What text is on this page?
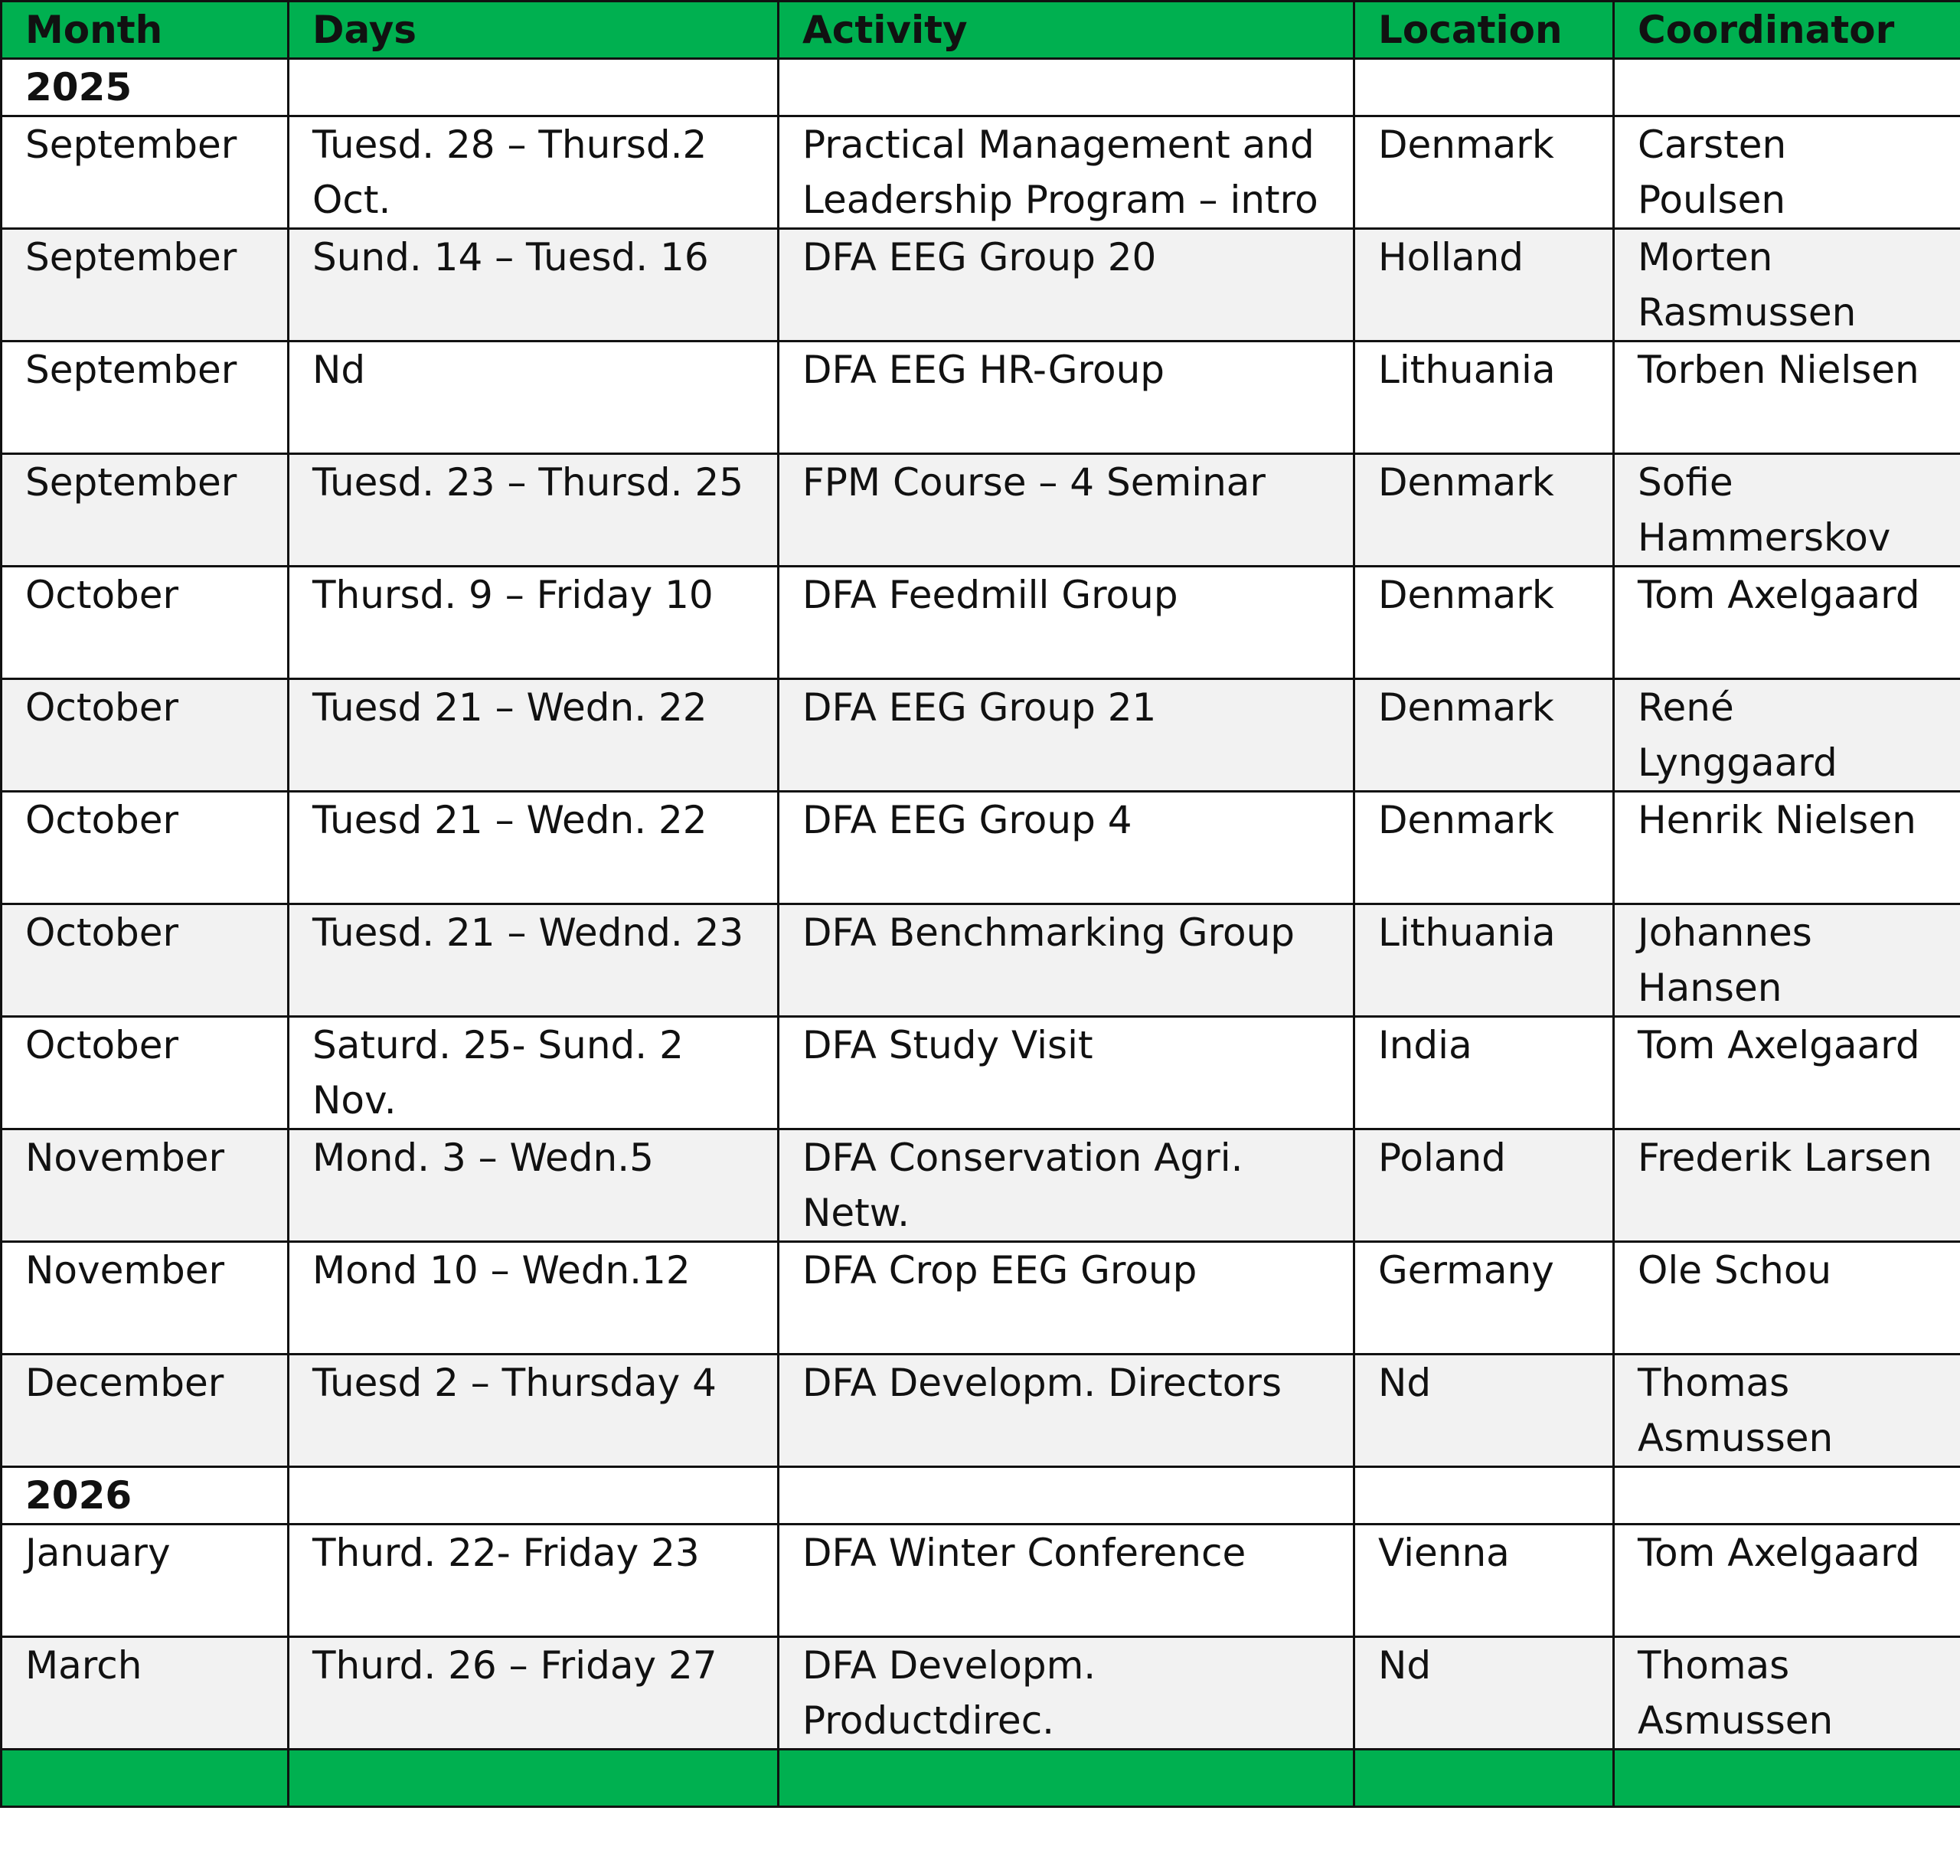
Month	Days	Activity	Location	Coordinator
2025				
September	Tuesd. 28 – Thursd.2 Oct.	Practical Management and Leadership Program – intro	Denmark	Carsten Poulsen
September	Sund. 14 – Tuesd. 16	DFA EEG Group 20	Holland	Morten Rasmussen
September	Nd	DFA EEG HR-Group	Lithuania	Torben Nielsen
September	Tuesd. 23 – Thursd. 25	FPM Course – 4 Seminar	Denmark	Sofie Hammerskov
October	Thursd. 9 – Friday 10	DFA Feedmill Group	Denmark	Tom Axelgaard
October	Tuesd 21 – Wedn. 22	DFA EEG Group 21	Denmark	René Lynggaard
October	Tuesd 21 – Wedn. 22	DFA EEG Group 4	Denmark	Henrik Nielsen
October	Tuesd. 21 – Wednd. 23	DFA Benchmarking Group	Lithuania	Johannes Hansen
October	Saturd. 25- Sund. 2 Nov.	DFA Study Visit	India	Tom Axelgaard
November	Mond. 3 – Wedn.5	DFA Conservation Agri. Netw.	Poland	Frederik Larsen
November	Mond 10 – Wedn.12	DFA Crop EEG Group	Germany	Ole Schou
December	Tuesd 2 – Thursday 4	DFA Developm. Directors	Nd	Thomas Asmussen
2026				
January	Thurd. 22- Friday 23	DFA Winter Conference	Vienna	Tom Axelgaard
March	Thurd. 26 – Friday 27	DFA Developm. Productdirec.	Nd	Thomas Asmussen
